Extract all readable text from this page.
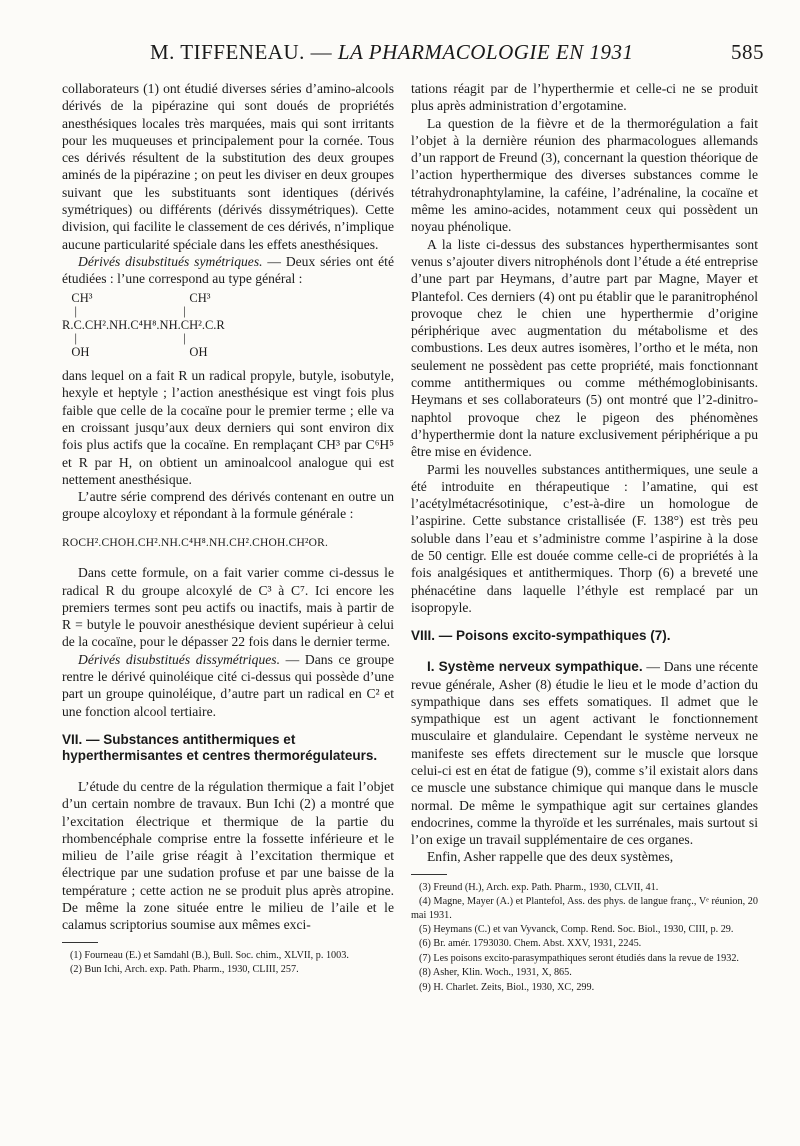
M. TIFFENEAU. — LA PHARMACOLOGIE EN 1931	585

collaborateurs (1) ont étudié diverses séries d’amino-alcools dérivés de la pipérazine qui sont doués de propriétés anesthésiques locales très marquées, mais qui sont irritants pour les muqueuses et principalement pour la cornée. Tous ces dérivés résultent de la substitution des deux groupes aminés de la pipérazine ; on peut les diviser en deux groupes suivant que les substituants sont identiques (dérivés symétriques) ou différents (dérivés dissymétriques). Cette division, qui facilite le classement de ces dérivés, n’implique aucune particularité spéciale dans les effets anesthésiques.

Dérivés disubstitués symétriques. — Deux séries ont été étudiées : l’une correspond au type général :

CH³                               CH³
|                                  |
R.C.CH².NH.C⁴H⁸.NH.CH².C.R
|                                  |
OH                                OH

dans lequel on a fait R un radical propyle, butyle, isobutyle, hexyle et heptyle ; l’action anesthésique est vingt fois plus faible que celle de la cocaïne pour le premier terme ; elle va en croissant jusqu’aux deux derniers qui sont environ dix fois plus actifs que la cocaïne. En remplaçant CH³ par C⁶H⁵ et R par H, on obtient un aminoalcool analogue qui est nettement anesthésique.

L’autre série comprend des dérivés contenant en outre un groupe alcoyloxy et répondant à la formule générale :

ROCH².CHOH.CH².NH.C⁴H⁸.NH.CH².CHOH.CH²OR.

Dans cette formule, on a fait varier comme ci-dessus le radical R du groupe alcoxylé de C³ à C⁷. Ici encore les premiers termes sont peu actifs ou inactifs, mais à partir de R = butyle le pouvoir anesthésique devient supérieur à celui de la cocaïne, pour le dépasser 22 fois dans le dernier terme.

Dérivés disubstitués dissymétriques. — Dans ce groupe rentre le dérivé quinoléique cité ci-dessus qui possède d’une part un groupe quinoléique, d’autre part un radical en C² et une fonction alcool tertiaire.

VII. — Substances antithermiques et hyperthermisantes et centres thermorégulateurs.

L’étude du centre de la régulation thermique a fait l’objet d’un certain nombre de travaux. Bun Ichi (2) a montré que l’excitation électrique et thermique de la partie du rhombencéphale comprise entre la fossette inférieure et le milieu de l’aile grise réagit à l’excitation thermique et électrique par une sudation profuse et par une baisse de la température ; cette action ne se produit plus après atropine. De même la zone située entre le milieu de l’aile et le calamus scriptorius soumise aux mêmes exci-

(1) Fourneau (E.) et Samdahl (B.), Bull. Soc. chim., XLVII, p. 1003.
(2) Bun Ichi, Arch. exp. Path. Pharm., 1930, CLIII, 257.

tations réagit par de l’hyperthermie et celle-ci ne se produit plus après administration d’ergotamine.

La question de la fièvre et de la thermorégulation a fait l’objet à la dernière réunion des pharmacologues allemands d’un rapport de Freund (3), concernant la question théorique de l’action hyperthermique des diverses substances comme le tétrahydronaphtylamine, la caféine, l’adrénaline, la cocaïne et même les amino-acides, notamment ceux qui possèdent un noyau phénolique.

A la liste ci-dessus des substances hyperthermisantes sont venus s’ajouter divers nitrophénols dont l’étude a été entreprise d’une part par Heymans, d’autre part par Magne, Mayer et Plantefol. Ces derniers (4) ont pu établir que le paranitrophénol provoque chez le chien une hyperthermie d’origine périphérique avec augmentation du métabolisme et des combustions. Les deux autres isomères, l’ortho et le méta, non seulement ne possèdent pas cette propriété, mais fonctionnant comme antithermiques ou comme méthémoglobinisants. Heymans et ses collaborateurs (5) ont montré que l’2-dinitro-naphtol provoque chez le pigeon des phénomènes d’hyperthermie dont la nature exclusivement périphérique a pu être mise en évidence.

Parmi les nouvelles substances antithermiques, une seule a été introduite en thérapeutique : l’amatine, qui est l’acétylmétacrésotinique, c’est-à-dire un homologue de l’aspirine. Cette substance cristallisée (F. 138°) est très peu soluble dans l’eau et s’administre comme l’aspirine à la dose de 50 centigr. Elle est douée comme celle-ci de propriétés à la fois analgésiques et antithermiques. Thorp (6) a breveté une phénacétine dans laquelle l’éthyle est remplacé par un isopropyle.

VIII. — Poisons excito-sympathiques (7).

I. Système nerveux sympathique. — Dans une récente revue générale, Asher (8) étudie le lieu et le mode d’action du sympathique dans ses effets somatiques. Il admet que le sympathique est un agent activant le fonctionnement musculaire et glandulaire. Cependant le système nerveux ne manifeste ses effets directement sur le muscle que lorsque celui-ci est en état de fatigue (9), comme s’il existait alors dans ce muscle une substance chimique qui manque dans le muscle normal. De même le sympathique agit sur certaines glandes endocrines, comme la thyroïde et les surrénales, mais surtout si l’on exige un travail supplémentaire de ces organes.

Enfin, Asher rappelle que des deux systèmes,

(3) Freund (H.), Arch. exp. Path. Pharm., 1930, CLVII, 41.
(4) Magne, Mayer (A.) et Plantefol, Ass. des phys. de langue franç., Vᵉ réunion, 20 mai 1931.
(5) Heymans (C.) et van Vyvanck, Comp. Rend. Soc. Biol., 1930, CIII, p. 29.
(6) Br. amér. 1793030. Chem. Abst. XXV, 1931, 2245.
(7) Les poisons excito-parasympathiques seront étudiés dans la revue de 1932.
(8) Asher, Klin. Woch., 1931, X, 865.
(9) H. Charlet. Zeits, Biol., 1930, XC, 299.
